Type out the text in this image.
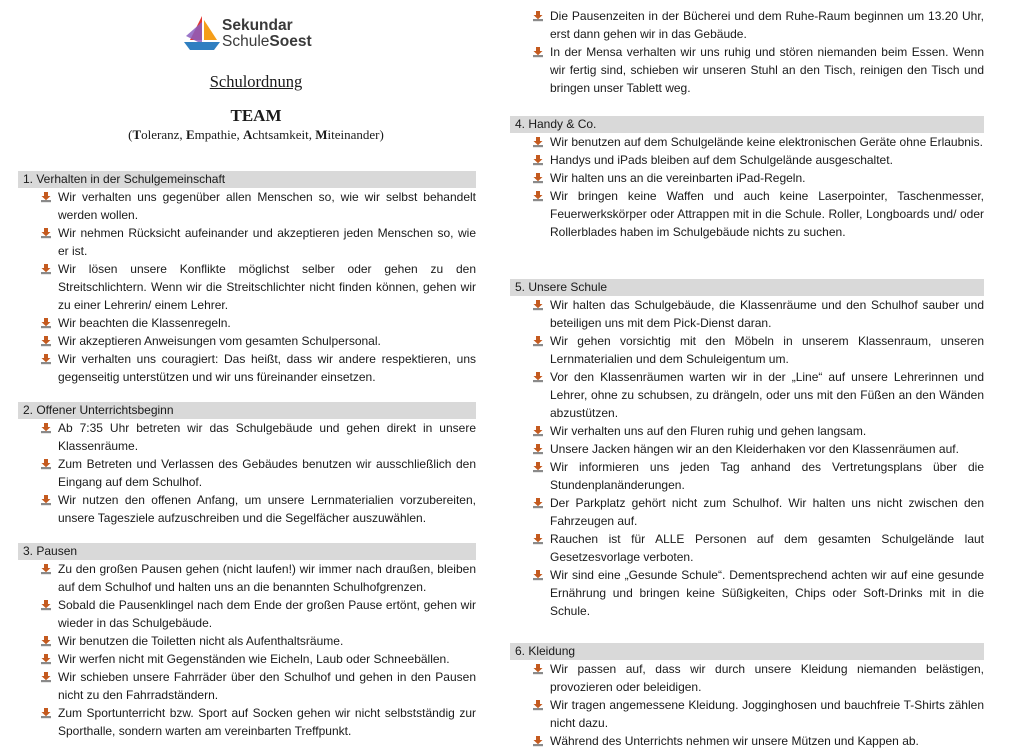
Sekundar
SchuleSoest
Schulordnung
TEAM
(Toleranz, Empathie, Achtsamkeit, Miteinander)
1. Verhalten in der Schulgemeinschaft
Wir verhalten uns gegenüber allen Menschen so, wie wir selbst behandelt werden wollen.
Wir nehmen Rücksicht aufeinander und akzeptieren jeden Menschen so, wie er ist.
Wir lösen unsere Konflikte möglichst selber oder gehen zu den Streitschlichtern. Wenn wir die Streitschlichter nicht finden können, gehen wir zu einer Lehrerin/ einem Lehrer.
Wir beachten die Klassenregeln.
Wir akzeptieren Anweisungen vom gesamten Schulpersonal.
Wir verhalten uns couragiert: Das heißt, dass wir andere respektieren, uns gegenseitig unterstützen und wir uns füreinander einsetzen.
2. Offener Unterrichtsbeginn
Ab 7:35 Uhr betreten wir das Schulgebäude und gehen direkt in unsere Klassenräume.
Zum Betreten und Verlassen des Gebäudes benutzen wir ausschließlich den Eingang auf dem Schulhof.
Wir nutzen den offenen Anfang, um unsere Lernmaterialien vorzubereiten, unsere Tagesziele aufzuschreiben und die Segelfächer auszuwählen.
3. Pausen
Zu den großen Pausen gehen (nicht laufen!) wir immer nach draußen, bleiben auf dem Schulhof und halten uns an die benannten Schulhofgrenzen.
Sobald die Pausenklingel nach dem Ende der großen Pause ertönt, gehen wir wieder in das Schulgebäude.
Wir benutzen die Toiletten nicht als Aufenthaltsräume.
Wir werfen nicht mit Gegenständen wie Eicheln, Laub oder Schneebällen.
Wir schieben unsere Fahrräder über den Schulhof und gehen in den Pausen nicht zu den Fahrradständern.
Zum Sportunterricht bzw. Sport auf Socken gehen wir nicht selbstständig zur Sporthalle, sondern warten am vereinbarten Treffpunkt.
Die Pausenzeiten in der Bücherei und dem Ruhe-Raum beginnen um 13.20 Uhr, erst dann gehen wir in das Gebäude.
In der Mensa verhalten wir uns ruhig und stören niemanden beim Essen. Wenn wir fertig sind, schieben wir unseren Stuhl an den Tisch, reinigen den Tisch und bringen unser Tablett weg.
4. Handy & Co.
Wir benutzen auf dem Schulgelände keine elektronischen Geräte ohne Erlaubnis.
Handys und iPads bleiben auf dem Schulgelände ausgeschaltet.
Wir halten uns an die vereinbarten iPad-Regeln.
Wir bringen keine Waffen und auch keine Laserpointer, Taschenmesser, Feuerwerkskörper oder Attrappen mit in die Schule. Roller, Longboards und/ oder Rollerblades haben im Schulgebäude nichts zu suchen.
5. Unsere Schule
Wir halten das Schulgebäude, die Klassenräume und den Schulhof sauber und beteiligen uns mit dem Pick-Dienst daran.
Wir gehen vorsichtig mit den Möbeln in unserem Klassenraum, unseren Lernmaterialien und dem Schuleigentum um.
Vor den Klassenräumen warten wir in der „Line“ auf unsere Lehrerinnen und Lehrer, ohne zu schubsen, zu drängeln, oder uns mit den Füßen an den Wänden abzustützen.
Wir verhalten uns auf den Fluren ruhig und gehen langsam.
Unsere Jacken hängen wir an den Kleiderhaken vor den Klassenräumen auf.
Wir informieren uns jeden Tag anhand des Vertretungsplans über die Stundenplanänderungen.
Der Parkplatz gehört nicht zum Schulhof. Wir halten uns nicht zwischen den Fahrzeugen auf.
Rauchen ist für ALLE Personen auf dem gesamten Schulgelände laut Gesetzesvorlage verboten.
Wir sind eine „Gesunde Schule“. Dementsprechend achten wir auf eine gesunde Ernährung und bringen keine Süßigkeiten, Chips oder Soft-Drinks mit in die Schule.
6. Kleidung
Wir passen auf, dass wir durch unsere Kleidung niemanden belästigen, provozieren oder beleidigen.
Wir tragen angemessene Kleidung. Jogginghosen und bauchfreie T-Shirts zählen nicht dazu.
Während des Unterrichts nehmen wir unsere Mützen und Kappen ab.
